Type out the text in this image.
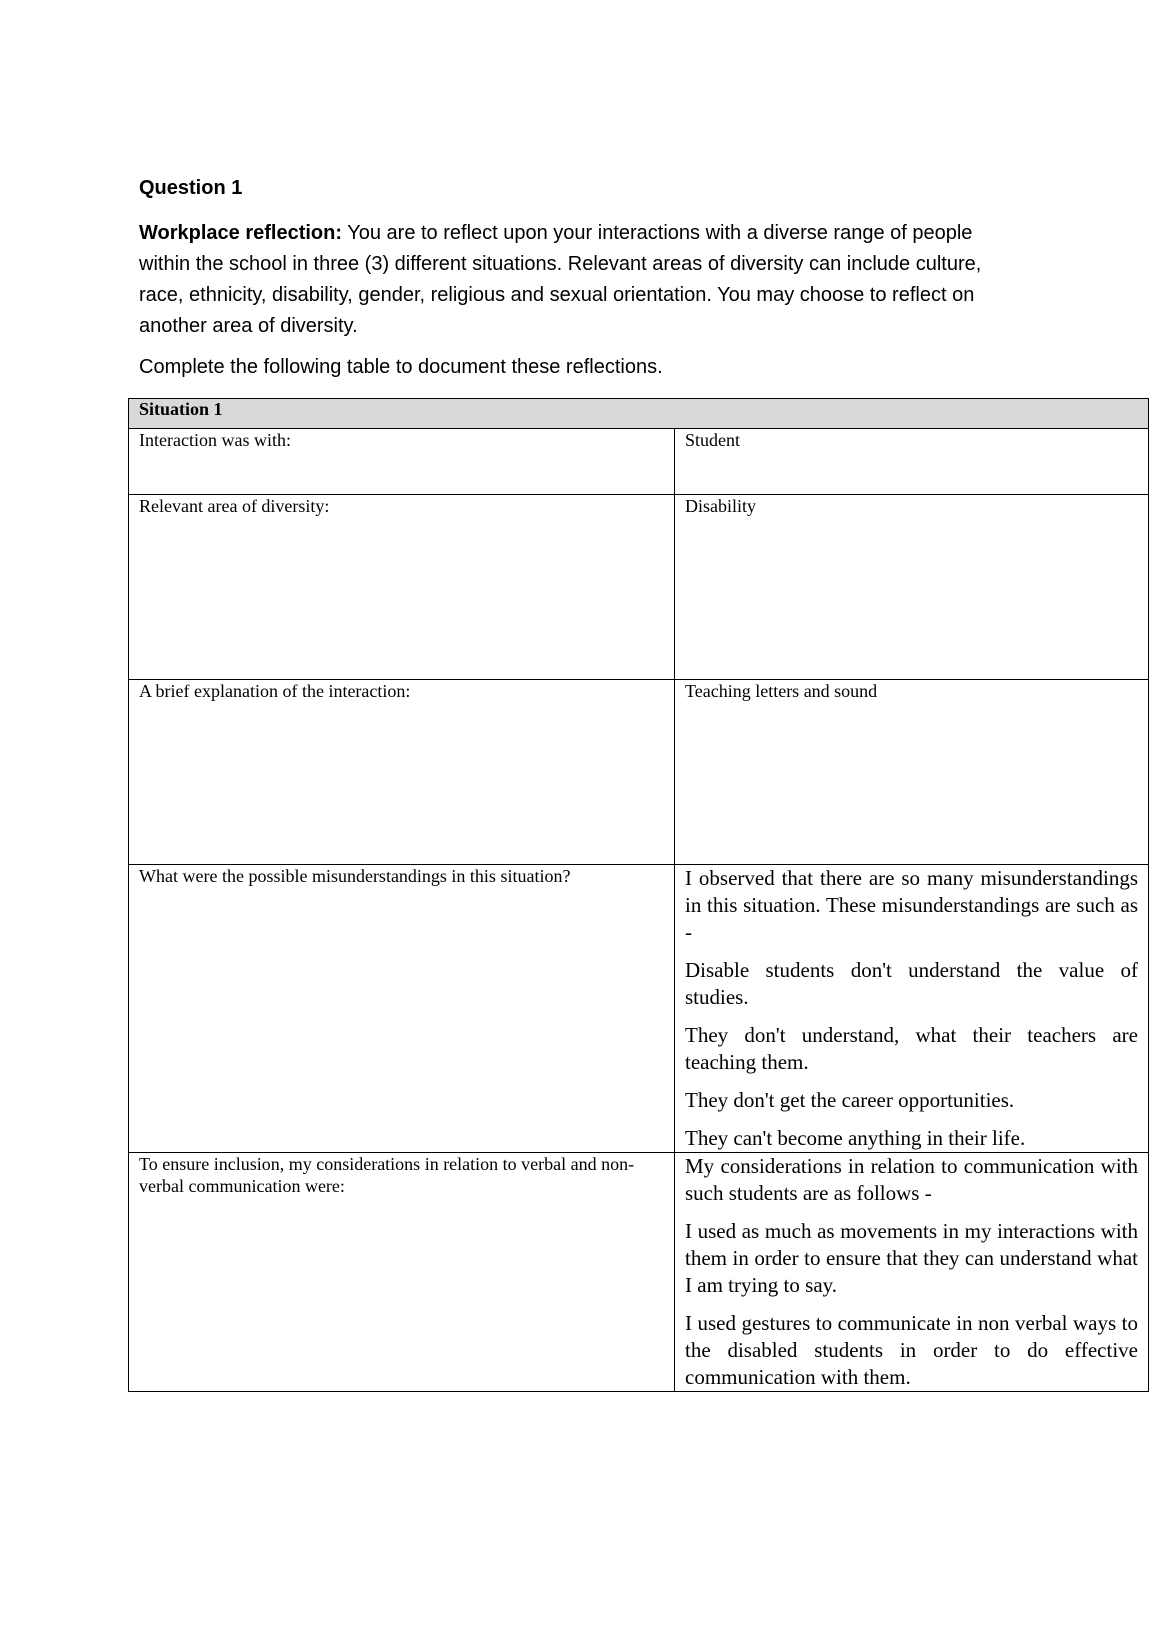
Question 1

Workplace reflection: You are to reflect upon your interactions with a diverse range of people within the school in three (3) different situations. Relevant areas of diversity can include culture, race, ethnicity, disability, gender, religious and sexual orientation. You may choose to reflect on another area of diversity.

Complete the following table to document these reflections.

Situation 1	
Interaction was with:	Student
Relevant area of diversity:	Disability
A brief explanation of the interaction:	Teaching letters and sound
What were the possible misunderstandings in this situation?	I observed that there are so many misunderstandings in this situation. These misunderstandings are such as -

Disable students don't understand the value of studies.

They don't understand, what their teachers are teaching them.

They don't get the career opportunities.

They can't become anything in their life.

To ensure inclusion, my considerations in relation to verbal and non-verbal communication were:	My considerations in relation to communication with such students are as follows -

I used as much as movements in my interactions with them in order to ensure that they can understand what I am trying to say.

I used gestures to communicate in non verbal ways to the disabled students in order to do effective communication with them.
